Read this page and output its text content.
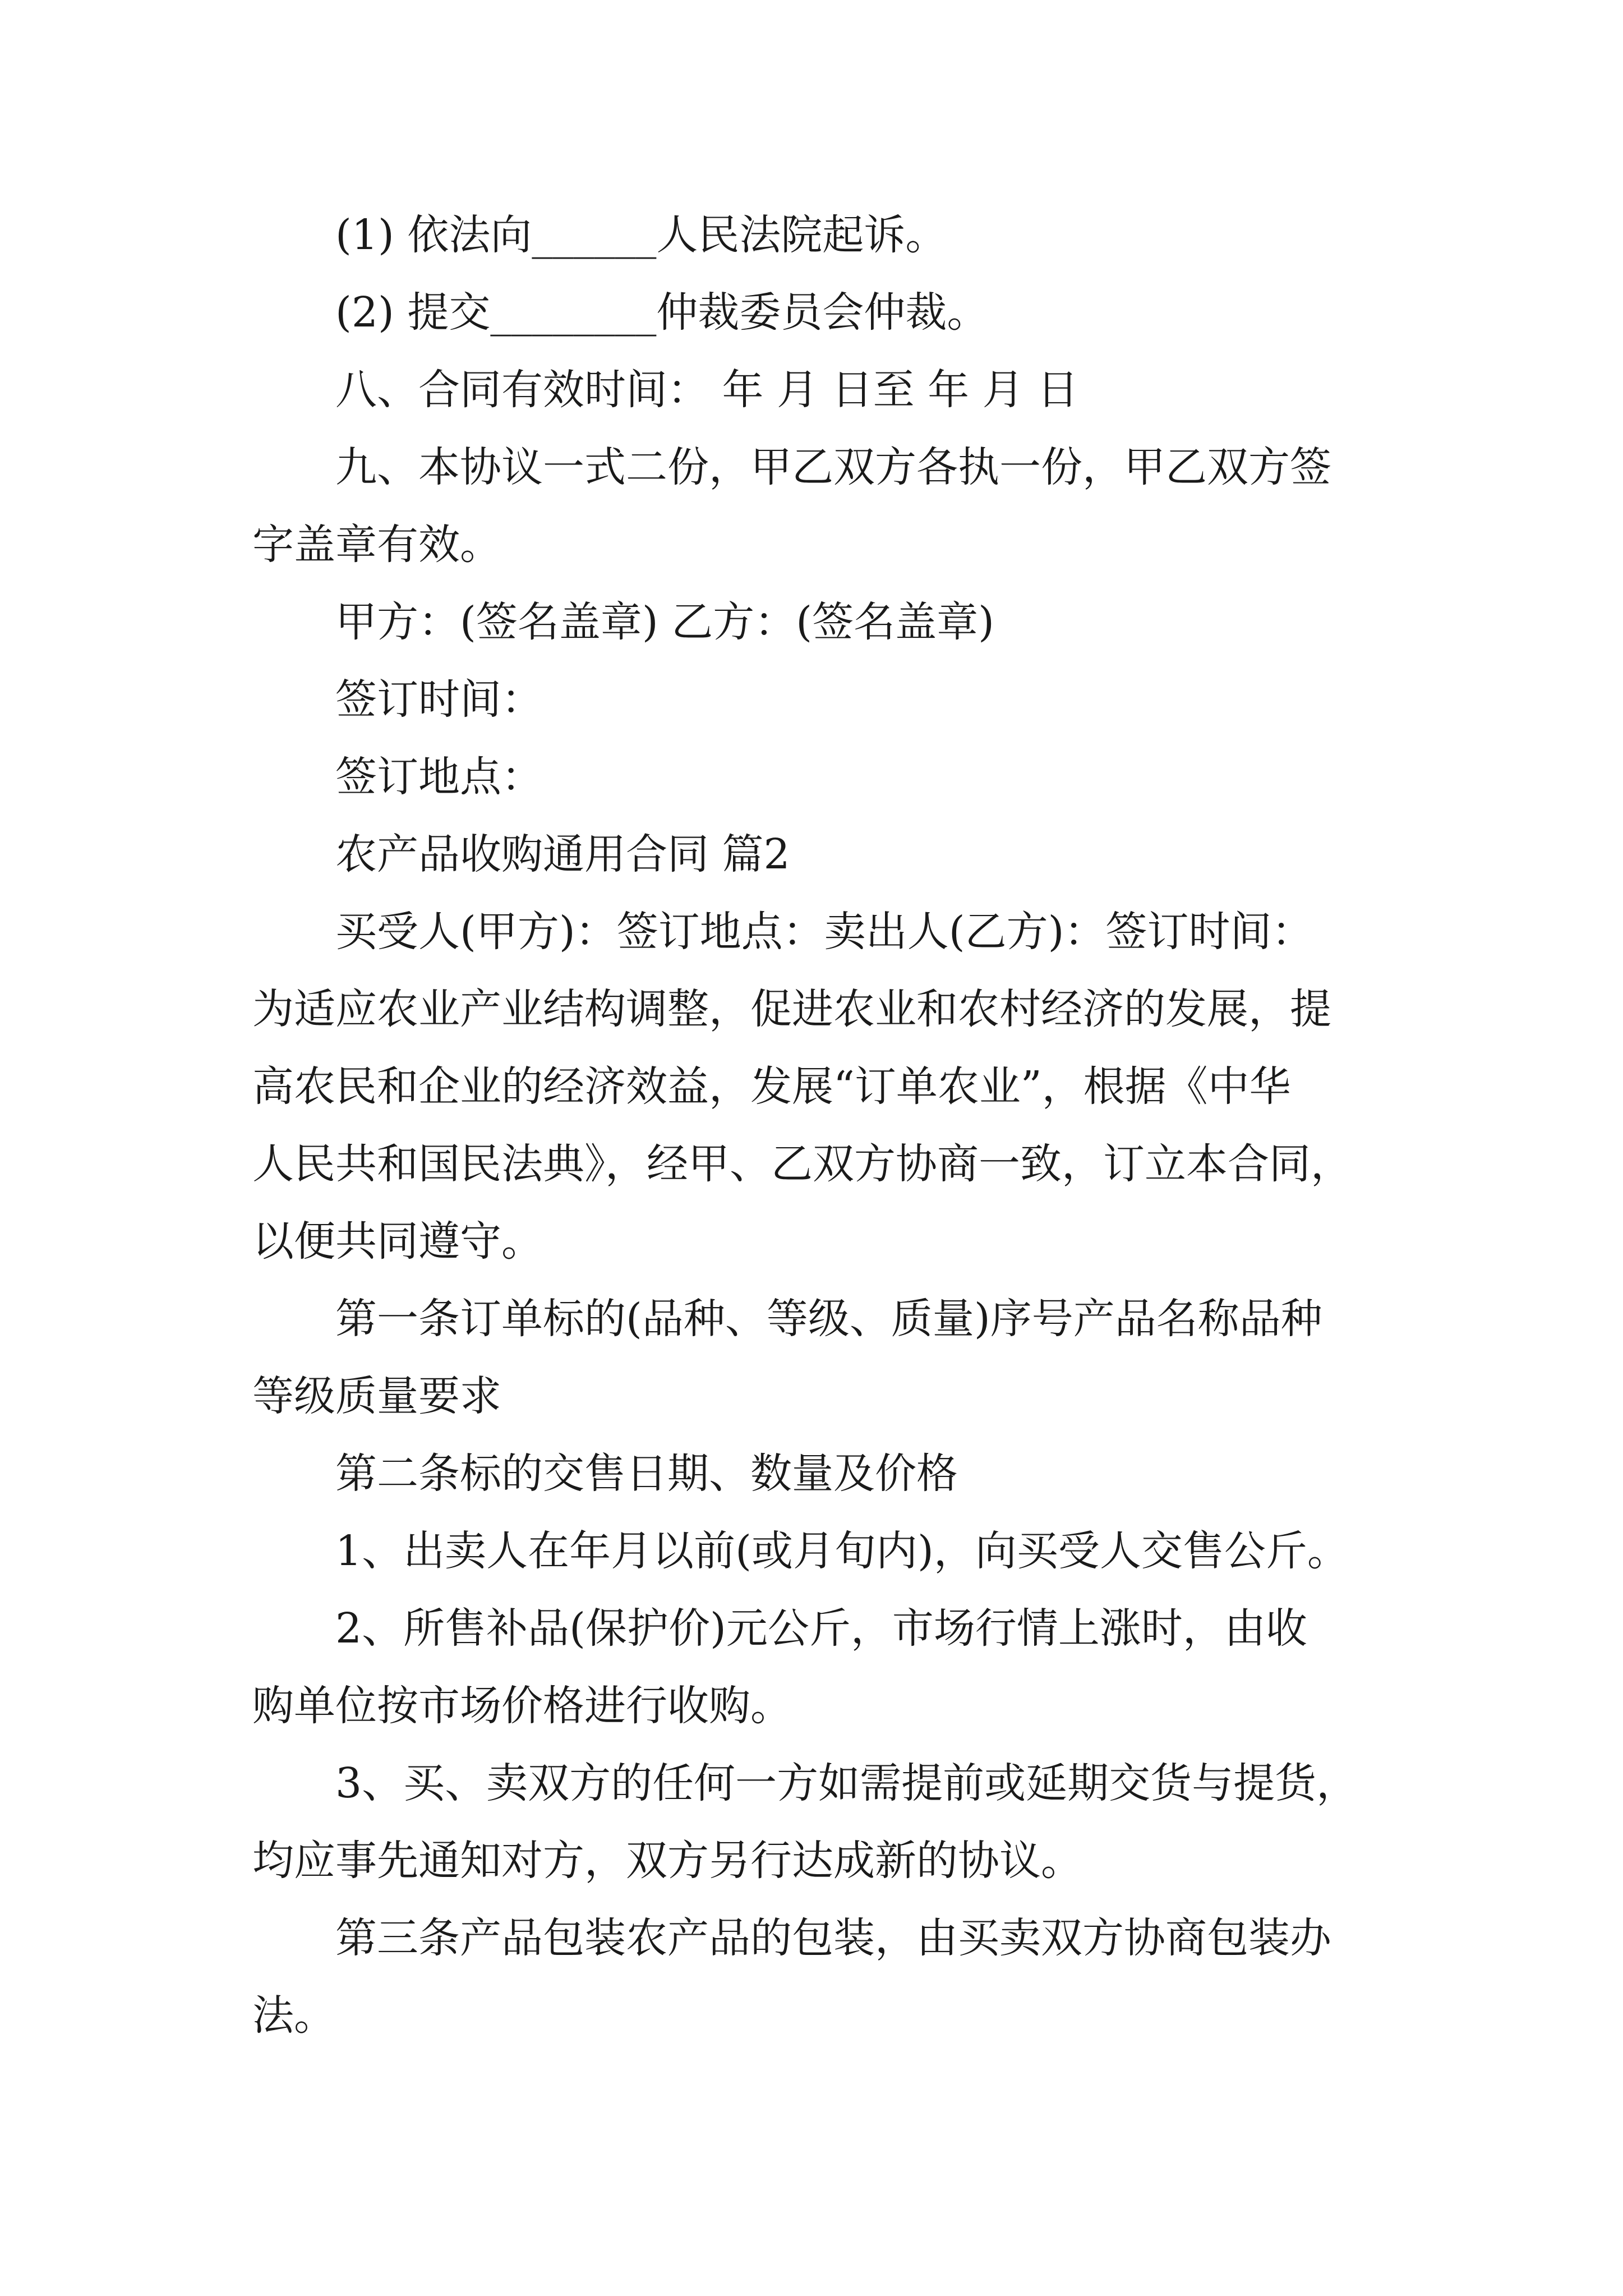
(1) 依法向______人民法院起诉。

(2) 提交________仲裁委员会仲裁。

八、合同有效时间： 年 月 日至 年 月 日

九、本协议一式二份，甲乙双方各执一份，甲乙双方签

字盖章有效。

甲方：(签名盖章) 乙方：(签名盖章)

签订时间：

签订地点：

农产品收购通用合同 篇2

买受人(甲方)：签订地点：卖出人(乙方)：签订时间：

为适应农业产业结构调整，促进农业和农村经济的发展，提

高农民和企业的经济效益，发展“订单农业”，根据《中华

人民共和国民法典》，经甲、乙双方协商一致，订立本合同，

以便共同遵守。

第一条订单标的(品种、等级、质量)序号产品名称品种

等级质量要求

第二条标的交售日期、数量及价格

1、出卖人在年月以前(或月旬内)，向买受人交售公斤。

2、所售补品(保护价)元公斤，市场行情上涨时，由收

购单位按市场价格进行收购。

3、买、卖双方的任何一方如需提前或延期交货与提货，

均应事先通知对方，双方另行达成新的协议。

第三条产品包装农产品的包装，由买卖双方协商包装办

法。
